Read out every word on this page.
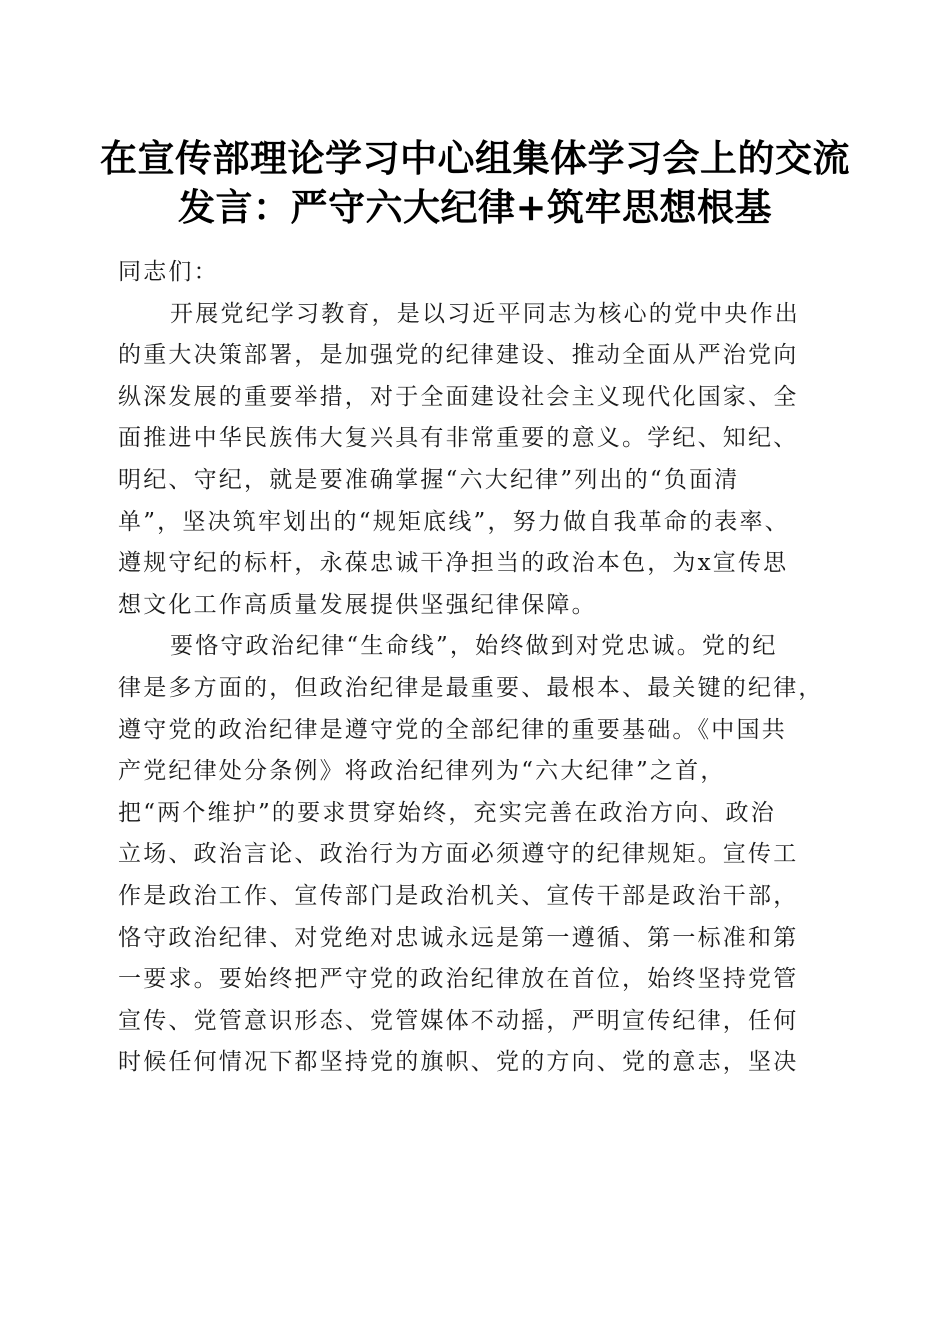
在宣传部理论学习中心组集体学习会上的交流
发言：严守六大纪律+筑牢思想根基
同志们：
开展党纪学习教育，是以习近平同志为核心的党中央作出
的重大决策部署，是加强党的纪律建设、推动全面从严治党向
纵深发展的重要举措，对于全面建设社会主义现代化国家、全
面推进中华民族伟大复兴具有非常重要的意义。学纪、知纪、
明纪、守纪，就是要准确掌握“六大纪律”列出的“负面清
单”，坚决筑牢划出的“规矩底线”，努力做自我革命的表率、
遵规守纪的标杆，永葆忠诚干净担当的政治本色，为x宣传思
想文化工作高质量发展提供坚强纪律保障。
要恪守政治纪律“生命线”，始终做到对党忠诚。党的纪
律是多方面的，但政治纪律是最重要、最根本、最关键的纪律，
遵守党的政治纪律是遵守党的全部纪律的重要基础。《中国共
产党纪律处分条例》将政治纪律列为“六大纪律”之首，
把“两个维护”的要求贯穿始终，充实完善在政治方向、政治
立场、政治言论、政治行为方面必须遵守的纪律规矩。宣传工
作是政治工作、宣传部门是政治机关、宣传干部是政治干部，
恪守政治纪律、对党绝对忠诚永远是第一遵循、第一标准和第
一要求。要始终把严守党的政治纪律放在首位，始终坚持党管
宣传、党管意识形态、党管媒体不动摇，严明宣传纪律，任何
时候任何情况下都坚持党的旗帜、党的方向、党的意志，坚决
